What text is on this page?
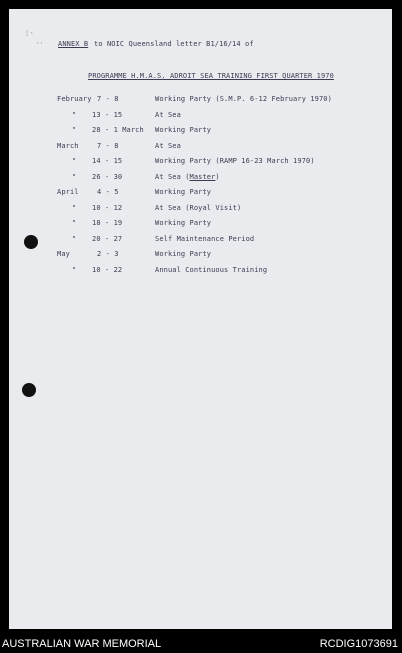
⋮⋅
⋅⋅ ANNEX B to NOIC Queensland letter B1/16/14 of
PROGRAMME H.M.A.S. ADROIT SEA TRAINING FIRST QUARTER 1970
February 7 - 8	Working Party (S.M.P. 6-12 February 1970)
" 13 - 15	At Sea
" 28 - 1 March Working Party
March	7 - 8	At Sea
" 14 - 15	Working Party (RAMP 16-23 March 1970)
" 26 - 30	At Sea (Master)
April	4 - 5	Working Party
" 10 - 12	At Sea (Royal Visit)
" 18 - 19	Working Party
" 20 - 27	Self Maintenance Period
May	2 - 3	Working Party
" 10 - 22	Annual Continuous Training
AUSTRALIAN WAR MEMORIAL	RCDIG1073691
